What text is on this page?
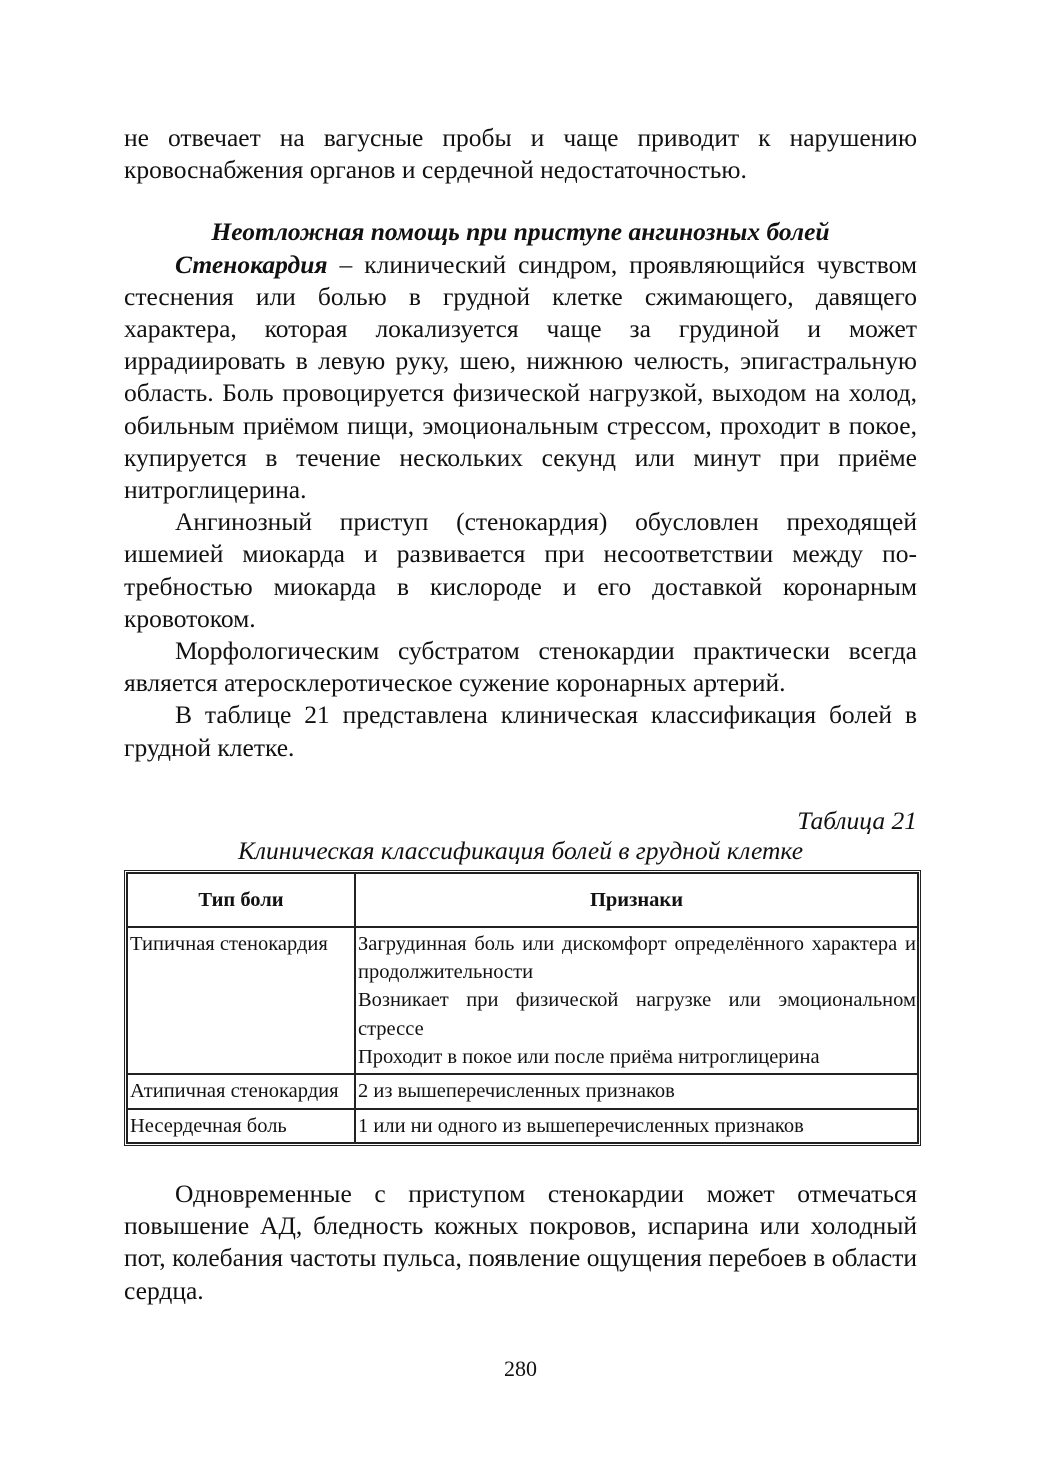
не отвечает на вагусные пробы и чаще приводит к нарушению кровоснабжения органов и сердечной недостаточностью.

Неотложная помощь при приступе ангинозных болей

Стенокардия – клинический синдром, проявляющийся чувством стеснения или болью в грудной клетке сжимающего, давящего характера, которая локализуется чаще за грудиной и может иррадиировать в левую руку, шею, нижнюю челюсть, эпигастральную область. Боль провоцируется физической нагрузкой, выходом на холод, обильным приёмом пищи, эмоциональным стрессом, проходит в покое, купируется в течение нескольких секунд или минут при приёме нитроглицерина.

Ангинозный приступ (стенокардия) обусловлен преходящей ишемией миокарда и развивается при несоответствии между потребностью миокарда в кислороде и его доставкой коронарным кровотоком.

Морфологическим субстратом стенокардии практически всегда является атеросклеротическое сужение коронарных артерий.

В таблице 21 представлена клиническая классификация болей в грудной клетке.

Таблица 21

Клиническая классификация болей в грудной клетке

Тип боли	Признаки
Типичная стенокардия	Загрудинная боль или дискомфорт определённого характера и продолжительности
Возникает при физической нагрузке или эмоциональном стрессе
Проходит в покое или после приёма нитроглицерина

Атипичная стенокардия	2 из вышеперечисленных признаков

Несердечная боль	1 или ни одного из вышеперечисленных признаков

Одновременные с приступом стенокардии может отмечаться повышение АД, бледность кожных покровов, испарина или холодный пот, колебания частоты пульса, появление ощущения перебоев в области сердца.

280
